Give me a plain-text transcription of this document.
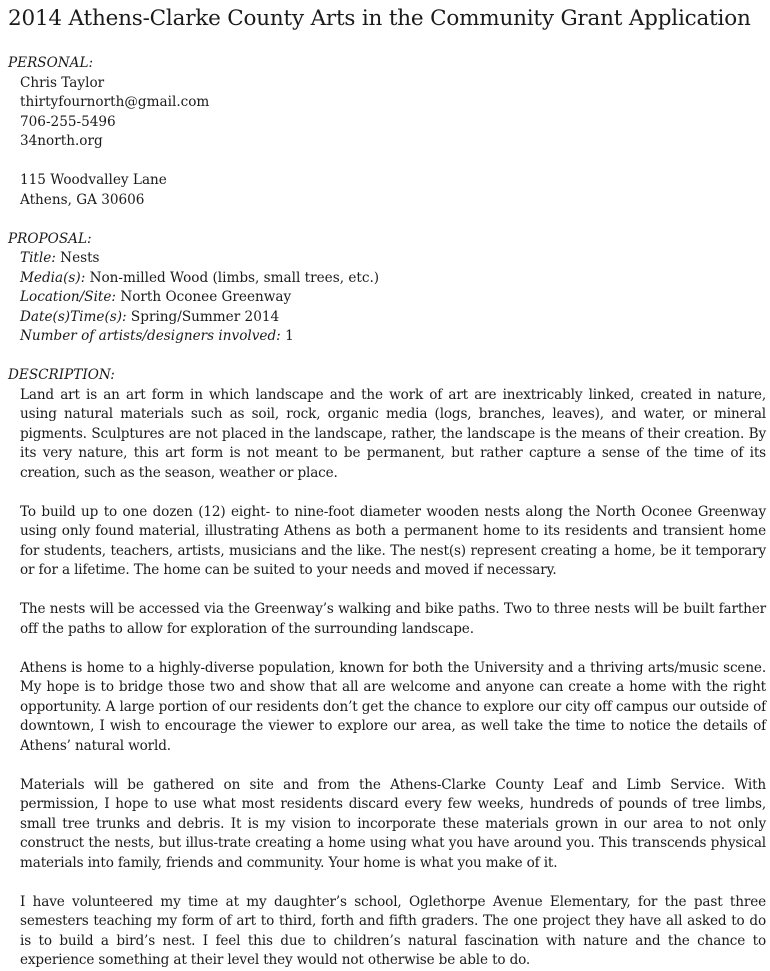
2014 Athens-Clarke County Arts in the Community Grant Application
PERSONAL:

Chris Taylor

thirtyfournorth@gmail.com

706-255-5496

34north.org

115 Woodvalley Lane

Athens, GA 30606

PROPOSAL:

Title: Nests

Media(s): Non-milled Wood (limbs, small trees, etc.)

Location/Site: North Oconee Greenway

Date(s)Time(s): Spring/Summer 2014

Number of artists/designers involved: 1

DESCRIPTION:

Land art is an art form in which landscape and the work of art are inextricably linked, created in nature, using natural materials such as soil, rock, organic media (logs, branches, leaves), and water, or mineral pigments. Sculptures are not placed in the landscape, rather, the landscape is the means of their creation. By its very nature, this art form is not meant to be permanent, but rather capture a sense of the time of its creation, such as the season, weather or place.

To build up to one dozen (12) eight- to nine-foot diameter wooden nests along the North Oconee Greenway using only found material, illustrating Athens as both a permanent home to its residents and transient home for students, teachers, artists, musicians and the like. The nest(s) represent creating a home, be it temporary or for a lifetime. The home can be suited to your needs and moved if necessary.

The nests will be accessed via the Greenway’s walking and bike paths. Two to three nests will be built farther off the paths to allow for exploration of the surrounding landscape.

Athens is home to a highly-diverse population, known for both the University and a thriving arts/music scene. My hope is to bridge those two and show that all are welcome and anyone can create a home with the right opportunity. A large portion of our residents don’t get the chance to explore our city off campus our outside of downtown, I wish to encourage the viewer to explore our area, as well take the time to notice the details of Athens’ natural world.

Materials will be gathered on site and from the Athens-Clarke County Leaf and Limb Service. With permission, I hope to use what most residents discard every few weeks, hundreds of pounds of tree limbs, small tree trunks and debris. It is my vision to incorporate these materials grown in our area to not only construct the nests, but illus-trate creating a home using what you have around you. This transcends physical materials into family, friends and community. Your home is what you make of it.

I have volunteered my time at my daughter’s school, Oglethorpe Avenue Elementary, for the past three semesters teaching my form of art to third, forth and fifth graders. The one project they have all asked to do is to build a bird’s nest. I feel this due to children’s natural fascination with nature and the chance to experience something at their level they would not otherwise be able to do.
